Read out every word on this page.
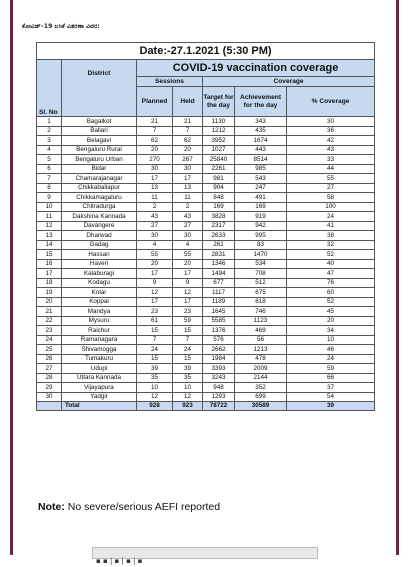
ಕೋವಿಡ್‌–19 ಲಸಿಕೆ ವಿತರಣಾ ವಿವರ:
Date:-27.1.2021 (5:30 PM)						
Sl. No	District	COVID-19 vaccination coverage				
		Sessions		Coverage		
		Planned	Held	Target for the day	Achievement for the day	% Coverage
1	Bagalkot	21	21	1130	343	30
2	Ballari	7	7	1212	435	36
3	Belagavi	62	62	3952	1674	42
4	Bengaluru Rural	20	20	1027	443	43
5	Bengaluru Urban	270	267	25840	8514	33
6	Bidar	30	30	2261	985	44
7	Chamarajanagar	17	17	981	543	55
8	Chikkaballapur	13	13	904	247	27
9	Chikkamagaluru	11	11	848	491	58
10	Chitradurga	2	2	169	169	100
11	Dakshina Kannada	43	43	3828	919	24
12	Davangere	27	27	2317	942	41
13	Dharwad	30	30	2633	995	38
14	Gadag	4	4	261	83	32
15	Hassan	55	55	2831	1470	52
16	Haveri	20	20	1346	534	40
17	Kalaburagi	17	17	1494	708	47
18	Kodagu	9	9	677	512	76
19	Kolar	12	12	1117	675	60
20	Koppal	17	17	1189	618	52
21	Mandya	23	23	1645	746	45
22	Mysuru	61	59	5585	1123	20
23	Raichur	15	15	1376	469	34
24	Ramanagara	7	7	576	56	10
25	Shivamogga	24	24	2662	1213	46
26	Tumakuru	15	15	1984	478	24
27	Udupi	39	39	3393	2009	59
28	Uttara Kannada	35	35	3243	2144	66
29	Vijayapura	10	10	948	352	37
30	Yadgir	12	12	1293	699	54
	Total	928	923	78722	30589	39
Note: No severe/serious AEFI reported
▪ ▪ | ▪ | ▪ | ▪
